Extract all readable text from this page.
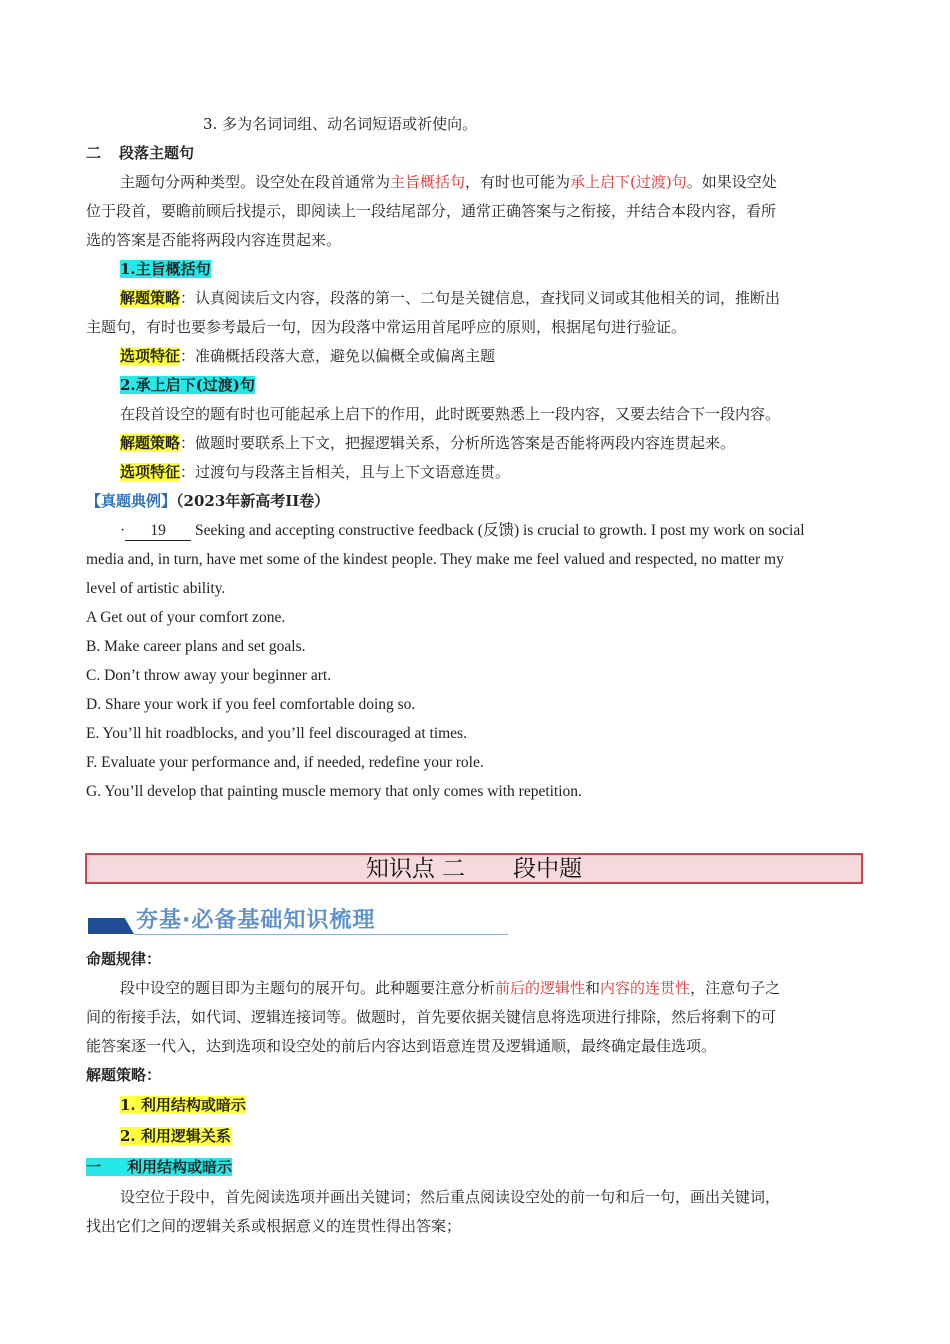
3. 多为名词词组、动名词短语或祈使向。

二 段落主题句

主题句分两种类型。设空处在段首通常为主旨概括句，有时也可能为承上启下(过渡)句。如果设空处

位于段首，要瞻前顾后找提示，即阅读上一段结尾部分，通常正确答案与之衔接，并结合本段内容，看所

选的答案是否能将两段内容连贯起来。

1.主旨概括句

解题策略：认真阅读后文内容，段落的第一、二句是关键信息，查找同义词或其他相关的词，推断出

主题句，有时也要参考最后一句，因为段落中常运用首尾呼应的原则，根据尾句进行验证。

选项特征：准确概括段落大意，避免以偏概全或偏离主题

2.承上启下(过渡)句

在段首设空的题有时也可能起承上启下的作用，此时既要熟悉上一段内容，又要去结合下一段内容。

解题策略：做题时要联系上下文，把握逻辑关系，分析所选答案是否能将两段内容连贯起来。

选项特征：过渡句与段落主旨相关，且与上下文语意连贯。

【真题典例】（2023年新高考II卷）

· 19 Seeking and accepting constructive feedback (反馈) is crucial to growth. I post my work on social

media and, in turn, have met some of the kindest people. They make me feel valued and respected, no matter my

level of artistic ability.

A Get out of your comfort zone.

B. Make career plans and set goals.

C. Don’t throw away your beginner art.

D. Share your work if you feel comfortable doing so.

E. You’ll hit roadblocks, and you’ll feel discouraged at times.

F. Evaluate your performance and, if needed, redefine your role.

G. You’ll develop that painting muscle memory that only comes with repetition.

知识点 二 段中题
夯基·必备基础知识梳理

命题规律：

段中设空的题目即为主题句的展开句。此种题要注意分析前后的逻辑性和内容的连贯性，注意句子之

间的衔接手法，如代词、逻辑连接词等。做题时，首先要依据关键信息将选项进行排除，然后将剩下的可

能答案逐一代入，达到选项和设空处的前后内容达到语意连贯及逻辑通顺，最终确定最佳选项。

解题策略：

1. 利用结构或暗示

2. 利用逻辑关系

一 利用结构或暗示

设空位于段中，首先阅读选项并画出关键词；然后重点阅读设空处的前一句和后一句，画出关键词，

找出它们之间的逻辑关系或根据意义的连贯性得出答案；
